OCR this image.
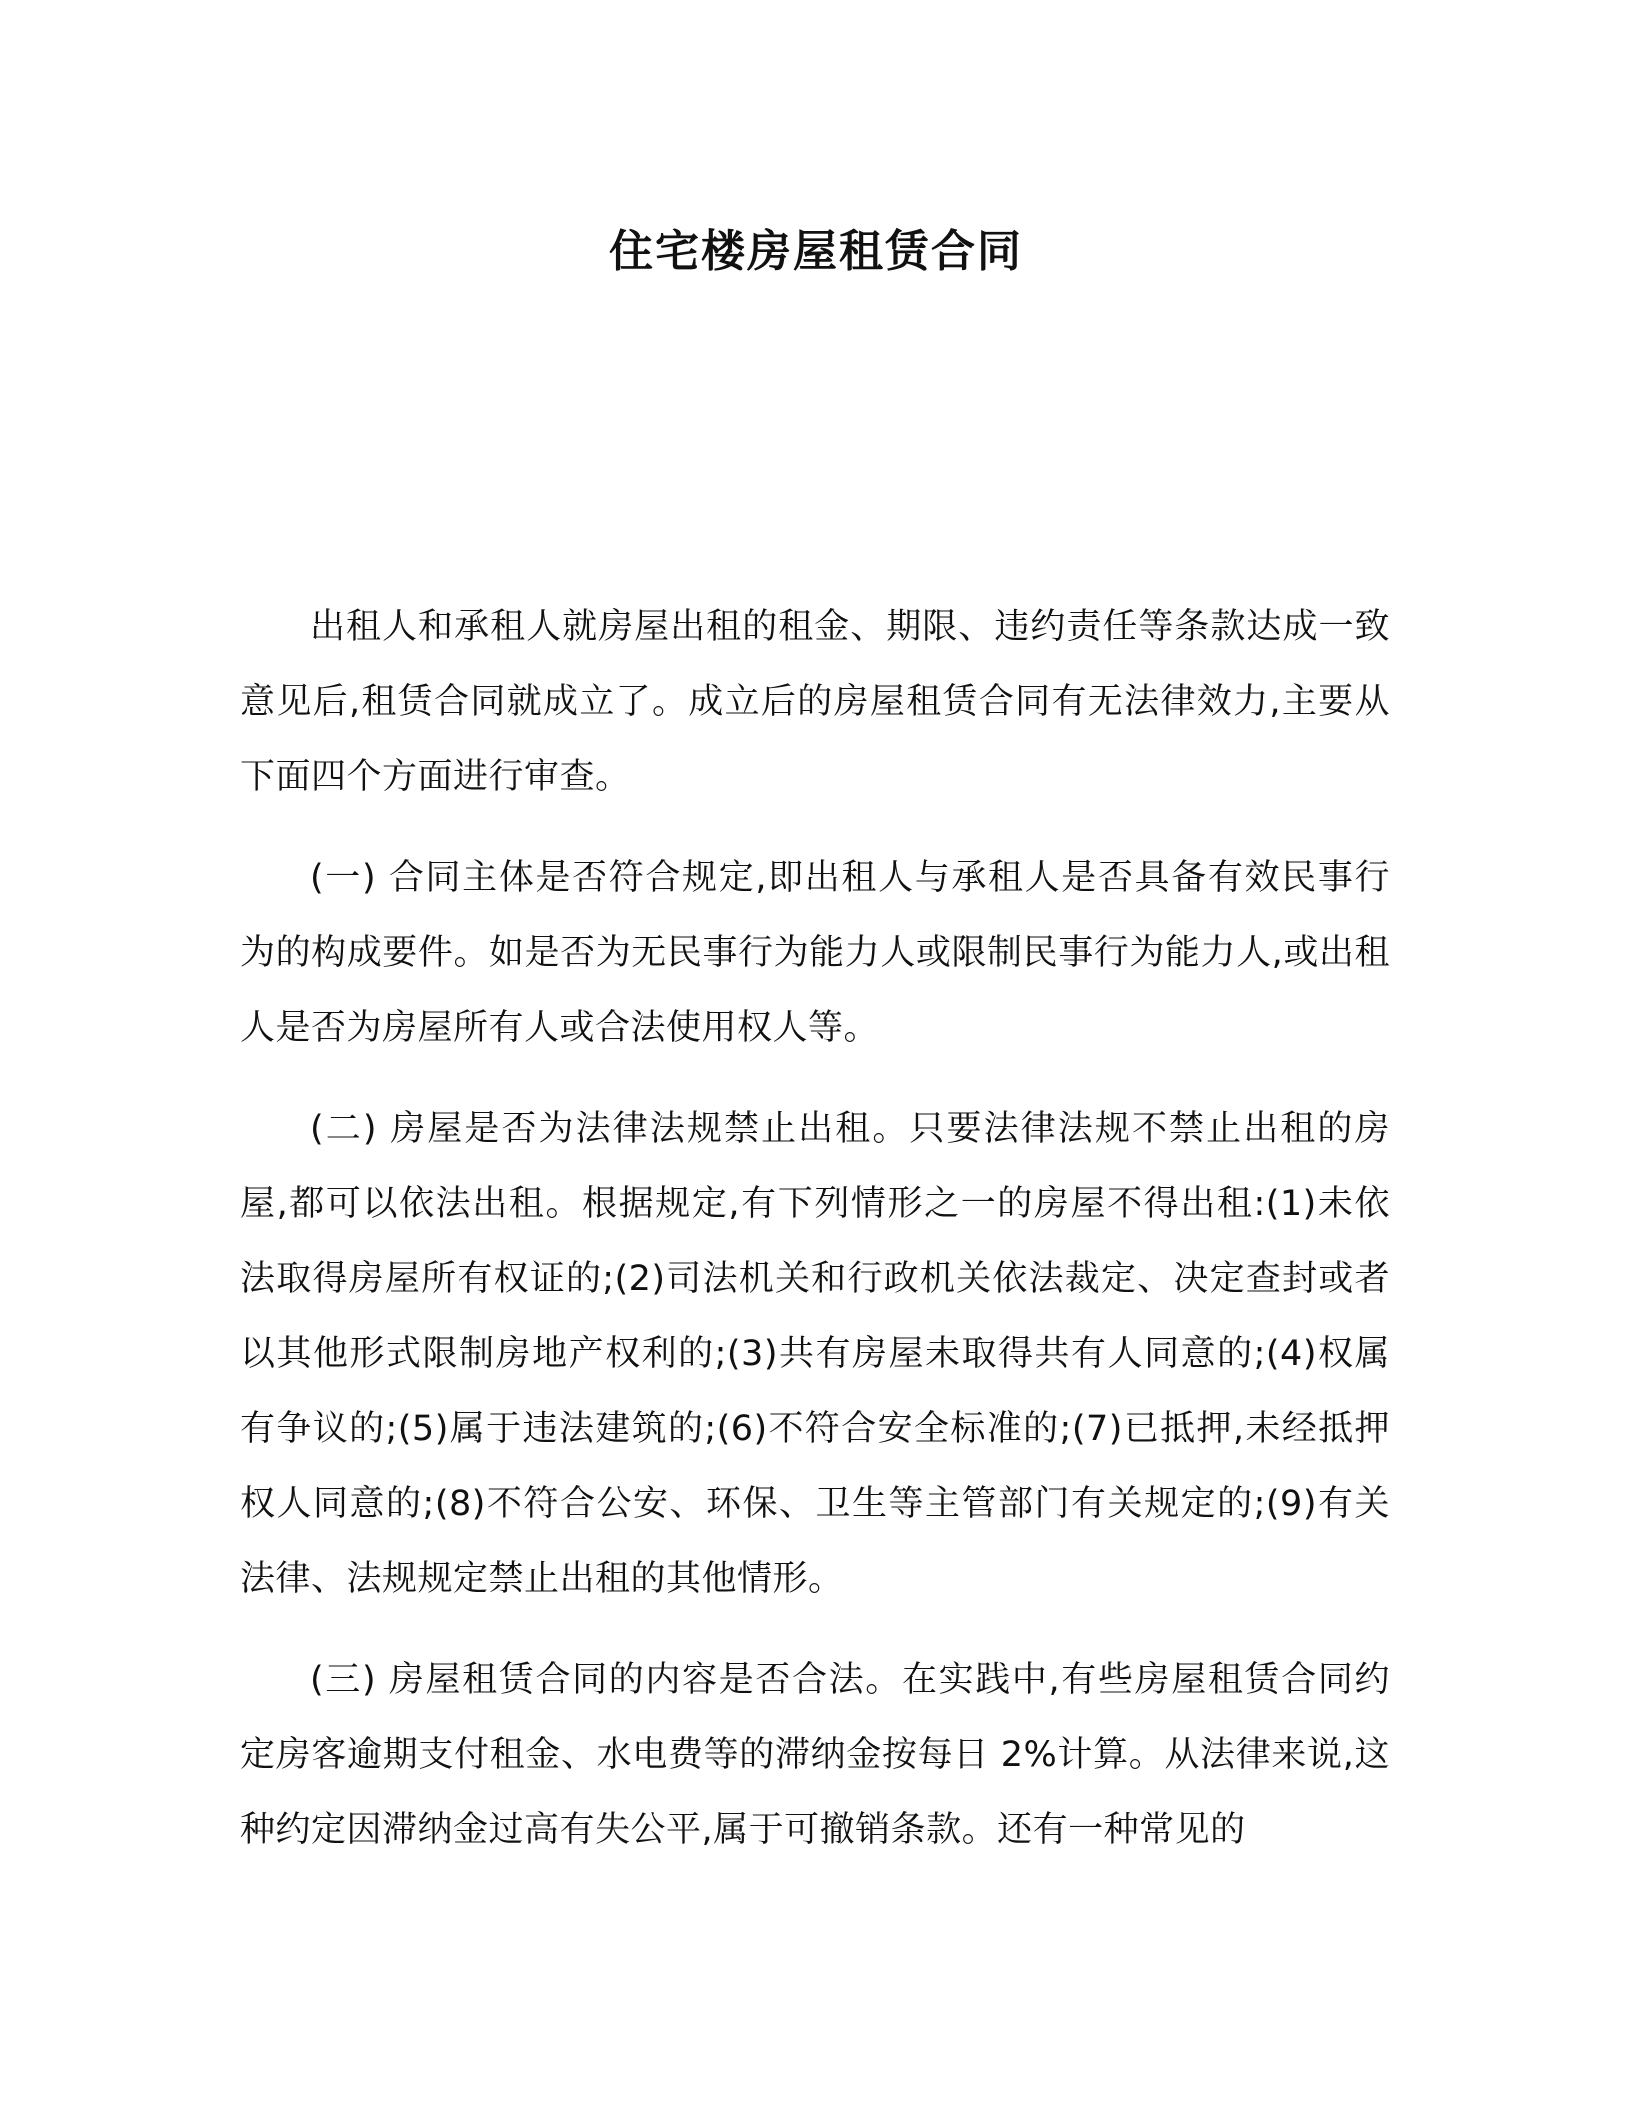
住宅楼房屋租赁合同

出租人和承租人就房屋出租的租金、期限、违约责任等条款达成一致意见后,租赁合同就成立了。成立后的房屋租赁合同有无法律效力,主要从下面四个方面进行审查。

(一) 合同主体是否符合规定,即出租人与承租人是否具备有效民事行为的构成要件。如是否为无民事行为能力人或限制民事行为能力人,或出租人是否为房屋所有人或合法使用权人等。

(二) 房屋是否为法律法规禁止出租。只要法律法规不禁止出租的房屋,都可以依法出租。根据规定,有下列情形之一的房屋不得出租:(1)未依法取得房屋所有权证的;(2)司法机关和行政机关依法裁定、决定查封或者以其他形式限制房地产权利的;(3)共有房屋未取得共有人同意的;(4)权属有争议的;(5)属于违法建筑的;(6)不符合安全标准的;(7)已抵押,未经抵押权人同意的;(8)不符合公安、环保、卫生等主管部门有关规定的;(9)有关法律、法规规定禁止出租的其他情形。

(三) 房屋租赁合同的内容是否合法。在实践中,有些房屋租赁合同约定房客逾期支付租金、水电费等的滞纳金按每日 2%计算。从法律来说,这种约定因滞纳金过高有失公平,属于可撤销条款。还有一种常见的
